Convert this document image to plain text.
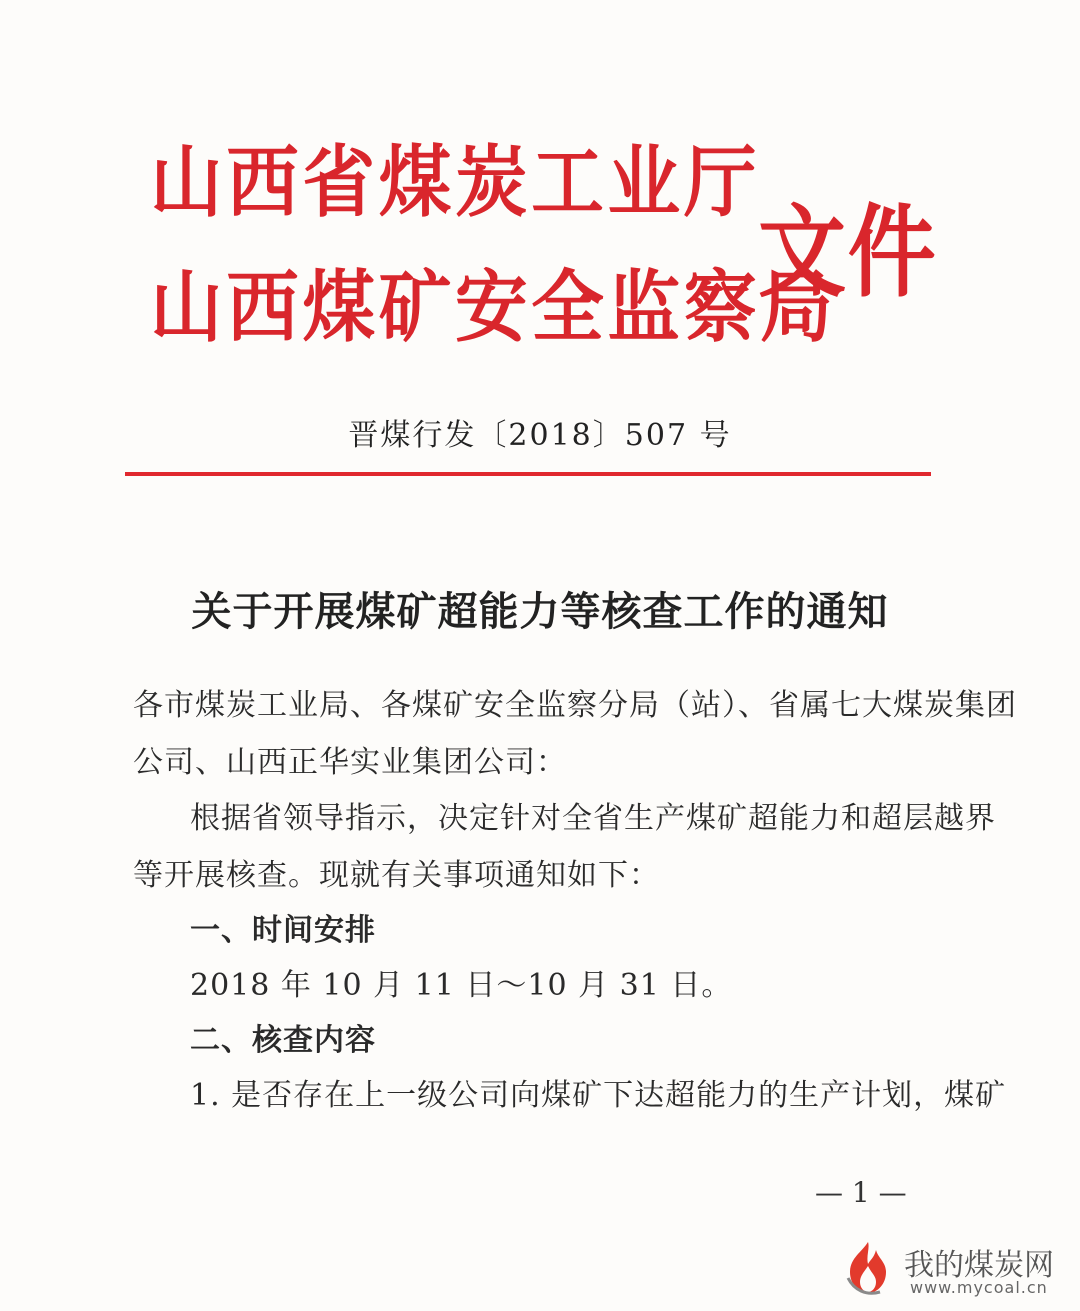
山西省煤炭工业厅
山西煤矿安全监察局
文件
晋煤行发〔2018〕507 号
关于开展煤矿超能力等核查工作的通知
各市煤炭工业局、各煤矿安全监察分局（站）、省属七大煤炭集团
公司、山西正华实业集团公司：
根据省领导指示，决定针对全省生产煤矿超能力和超层越界
等开展核查。现就有关事项通知如下：
一、时间安排
2018 年 10 月 11 日～10 月 31 日。
二、核查内容
1. 是否存在上一级公司向煤矿下达超能力的生产计划，煤矿
— 1 —
我的煤炭网
www.mycoal.cn
